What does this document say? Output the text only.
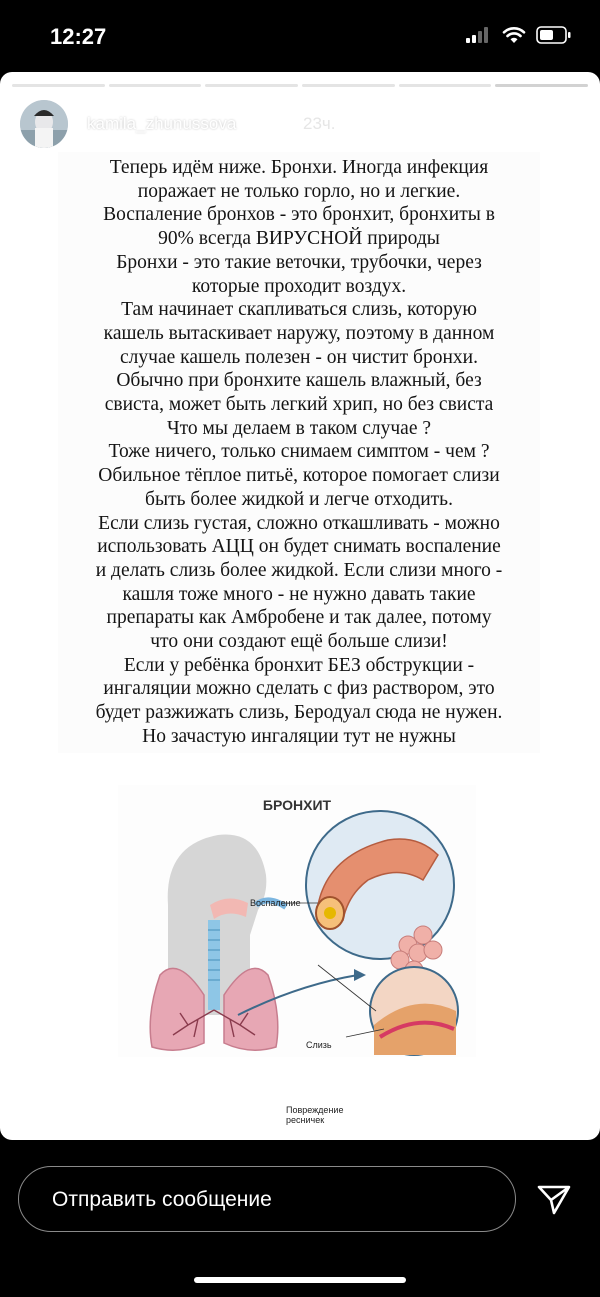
12:27
kamila_zhunussova	23ч.
Теперь идём ниже. Бронхи. Иногда инфекция
поражает не только горло, но и легкие.
Воспаление бронхов - это бронхит, бронхиты в
90% всегда ВИРУСНОЙ природы
Бронхи - это такие веточки, трубочки, через
которые проходит воздух.
Там начинает скапливаться слизь, которую
кашель вытаскивает наружу, поэтому в данном
случае кашель полезен - он чистит бронхи.
Обычно при бронхите кашель влажный, без
свиста, может быть легкий хрип, но без свиста
Что мы делаем в таком случае ?
Тоже ничего, только снимаем симптом - чем ?
Обильное тёплое питьё, которое помогает слизи
быть более жидкой и легче отходить.
Если слизь густая, сложно откашливать - можно
использовать АЦЦ он будет снимать воспаление
и делать слизь более жидкой. Если слизи много -
кашля тоже много - не нужно давать такие
препараты как Амбробене и так далее, потому
что они создают ещё больше слизи!
Если у ребёнка бронхит БЕЗ обструкции -
ингаляции можно сделать с физ раствором, это
будет разжижать слизь, Беродуал сюда не нужен.
Но зачастую ингаляции тут не нужны
БРОНХИТ
Воспаление
Слизь
Повреждение
ресничек
Отправить сообщение
